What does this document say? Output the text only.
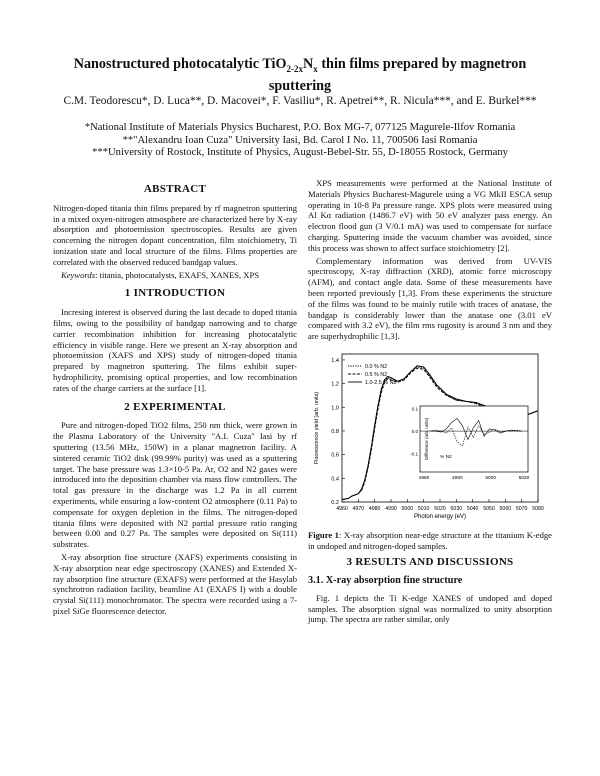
Nanostructured photocatalytic $TiO_{2-2x}N_x$ thin films prepared by magnetron
sputtering
C.M. Teodorescu*, D. Luca**, D. Macovei*, F. Vasiliu*, R. Apetrei**, R. Nicula***, and E. Burkel***
*National Institute of Materials Physics Bucharest, P.O. Box MG-7, 077125 Magurele-Ilfov Romania
**"Alexandru Ioan Cuza" University Iasi, Bd. Carol I No. 11, 700506 Iasi Romania
***University of Rostock, Institute of Physics, August-Bebel-Str. 55, D-18055 Rostock, Germany
ABSTRACT

Nitrogen-doped titania thin films prepared by rf magnetron sputtering in a mixed oxyen-nitrogen atmosphere are characterized here by X-ray absorption and photoemission spectroscopies. Results are given concerning the nitrogen dopant concentration, film stoichiometry, Ti ionization state and local structure of the films. Films properties are correlated with the observed reduced bandgap values.

Keywords: titania, photocatalysts, EXAFS, XANES, XPS

1 INTRODUCTION

Incresing interest is observed during the last decade to doped titania films, owing to the possibility of bandgap narrowing and to charge carrier recombination inhibition for increasing photocatalytic efficiency in visible range. Here we present an X-ray absorption and photoemission (XAFS and XPS) study of nitrogen-doped titania prepared by magnetron sputtering. The films exhibit super-hydrophilicity, promising optical properties, and low recombination rates of the charge carriers at the surface [1].

2 EXPERIMENTAL

Pure and nitrogen-doped TiO2 films, 250 nm thick, were grown in the Plasma Laboratory of the University "A.I. Cuza" Iasi by rf sputtering (13.56 MHz, 150W) in a planar magnetron facility. A sintered ceramic TiO2 disk (99.99% purity) was used as a sputtering target. The base pressure was 1.3×10-5 Pa. Ar, O2 and N2 gases were introduced into the deposition chamber via mass flow controllers. The total gas pressure in the discharge was 1.2 Pa in all current experiments, while ensuring a low-content O2 atmosphere (0.11 Pa) to compensate for oxygen depletion in the films. The nitrogen-doped titania films were deposited with N2 partial pressure ratio ranging between 0.00 and 0.27 Pa. The samples were deposited on Si(111) substrates.

X-ray absorption fine structure (XAFS) experiments consisting in X-ray absorption near edge spectroscopy (XANES) and Extended X-ray absorption fine structure (EXAFS) were performed at the Hasylab synchrotron radiation facility, beamline A1 (EXAFS I) with a double crystal Si(111) monochromator. The spectra were recorded using a 7-pixel SiGe fluorescence detector.

XPS measurements were performed at the National Institute of Materials Physics Bucharest-Magurele using a VG MkII ESCA setup operating in 10-8 Pa pressure range. XPS plots were measured using Al Kα radiation (1486.7 eV) with 50 eV analyzer pass energy. An electron flood gun (3 V/0.1 mA) was used to compensate for surface charging. Sputtering inside the vacuum chamber was avoided, since this process was shown to affect surface stoichiometry [2].

Complementary information was derived from UV-VIS spectroscopy, X-ray diffraction (XRD), atomic force microscopy (AFM), and contact angle data. Some of these measurements have been reported previously [1,3]. From these experiments the structure of the films was found to be mainly rutile with traces of anatase, the bandgap is considerably lower than the anatase one (3.01 eV compared with 3.2 eV), the film rms rugosity is around 3 nm and they are superhydrophilic [1,3].

4960 4970 4980 4990 5000 5010 5020 5030 5040 5050 5060 5070 5080
0.2
0.4
0.6
0.8
1.0
1.2
1.4
Photon energy (eV)
Fluorescence yield (arb. units)
0.0 % N2
0.5 % N2
1.0-2.5 % N2
4960	4980	5000	5020
-0.1
0.0
0.1
Difference (arb. units) % N2

Figure 1: X-ray absorption near-edge structure at the titanium K-edge in undoped and nitrogen-doped samples.

3 RESULTS AND DISCUSSIONS
3.1. X-ray absorption fine structure

Fig. 1 depicts the Ti K-edge XANES of undoped and doped samples. The absorption signal was normalized to unity absorption jump. The spectra are rather similar, only
